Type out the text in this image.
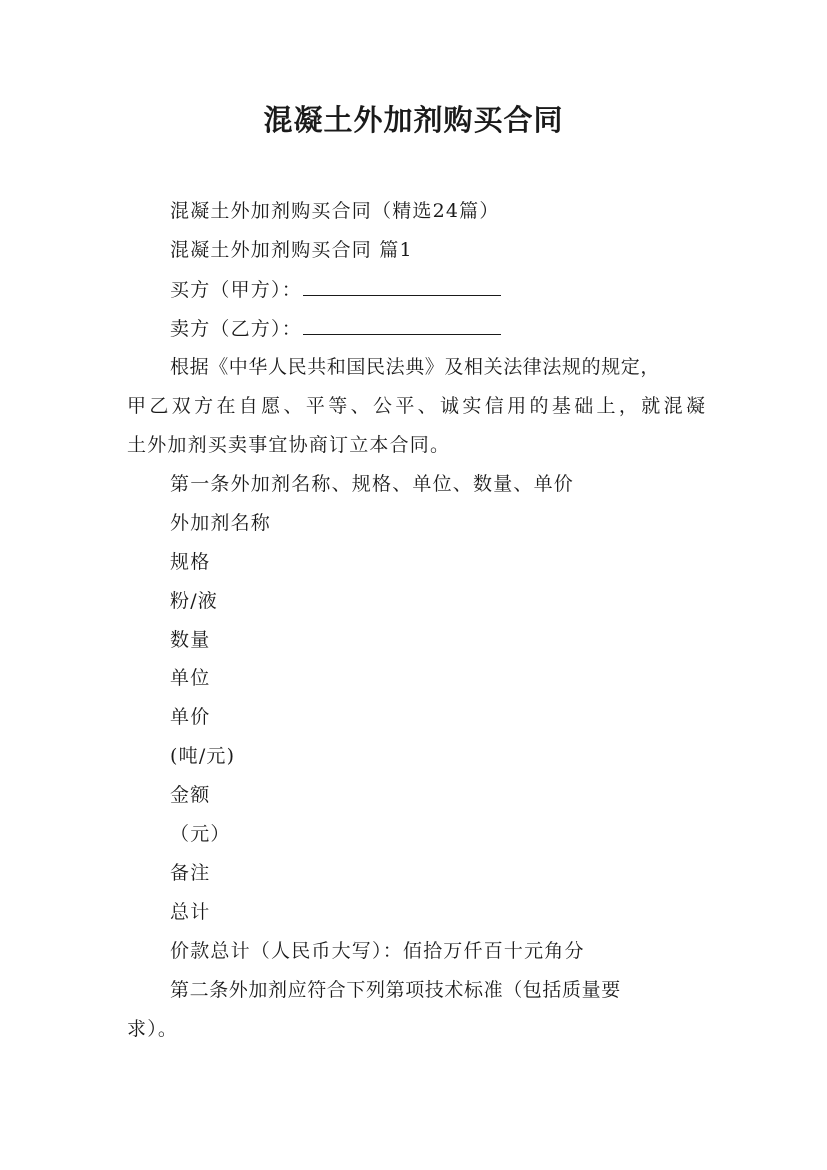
混凝土外加剂购买合同
混凝土外加剂购买合同（精选24篇）
混凝土外加剂购买合同 篇1
买方（甲方）：
卖方（乙方）：
根据《中华人民共和国民法典》及相关法律法规的规定，
甲乙双方在自愿、平等、公平、诚实信用的基础上，就混凝
土外加剂买卖事宜协商订立本合同。
第一条外加剂名称、规格、单位、数量、单价
外加剂名称
规格
粉/液
数量
单位
单价
(吨/元)
金额
（元）
备注
总计
价款总计（人民币大写）：佰拾万仟百十元角分
第二条外加剂应符合下列第项技术标准（包括质量要
求）。
